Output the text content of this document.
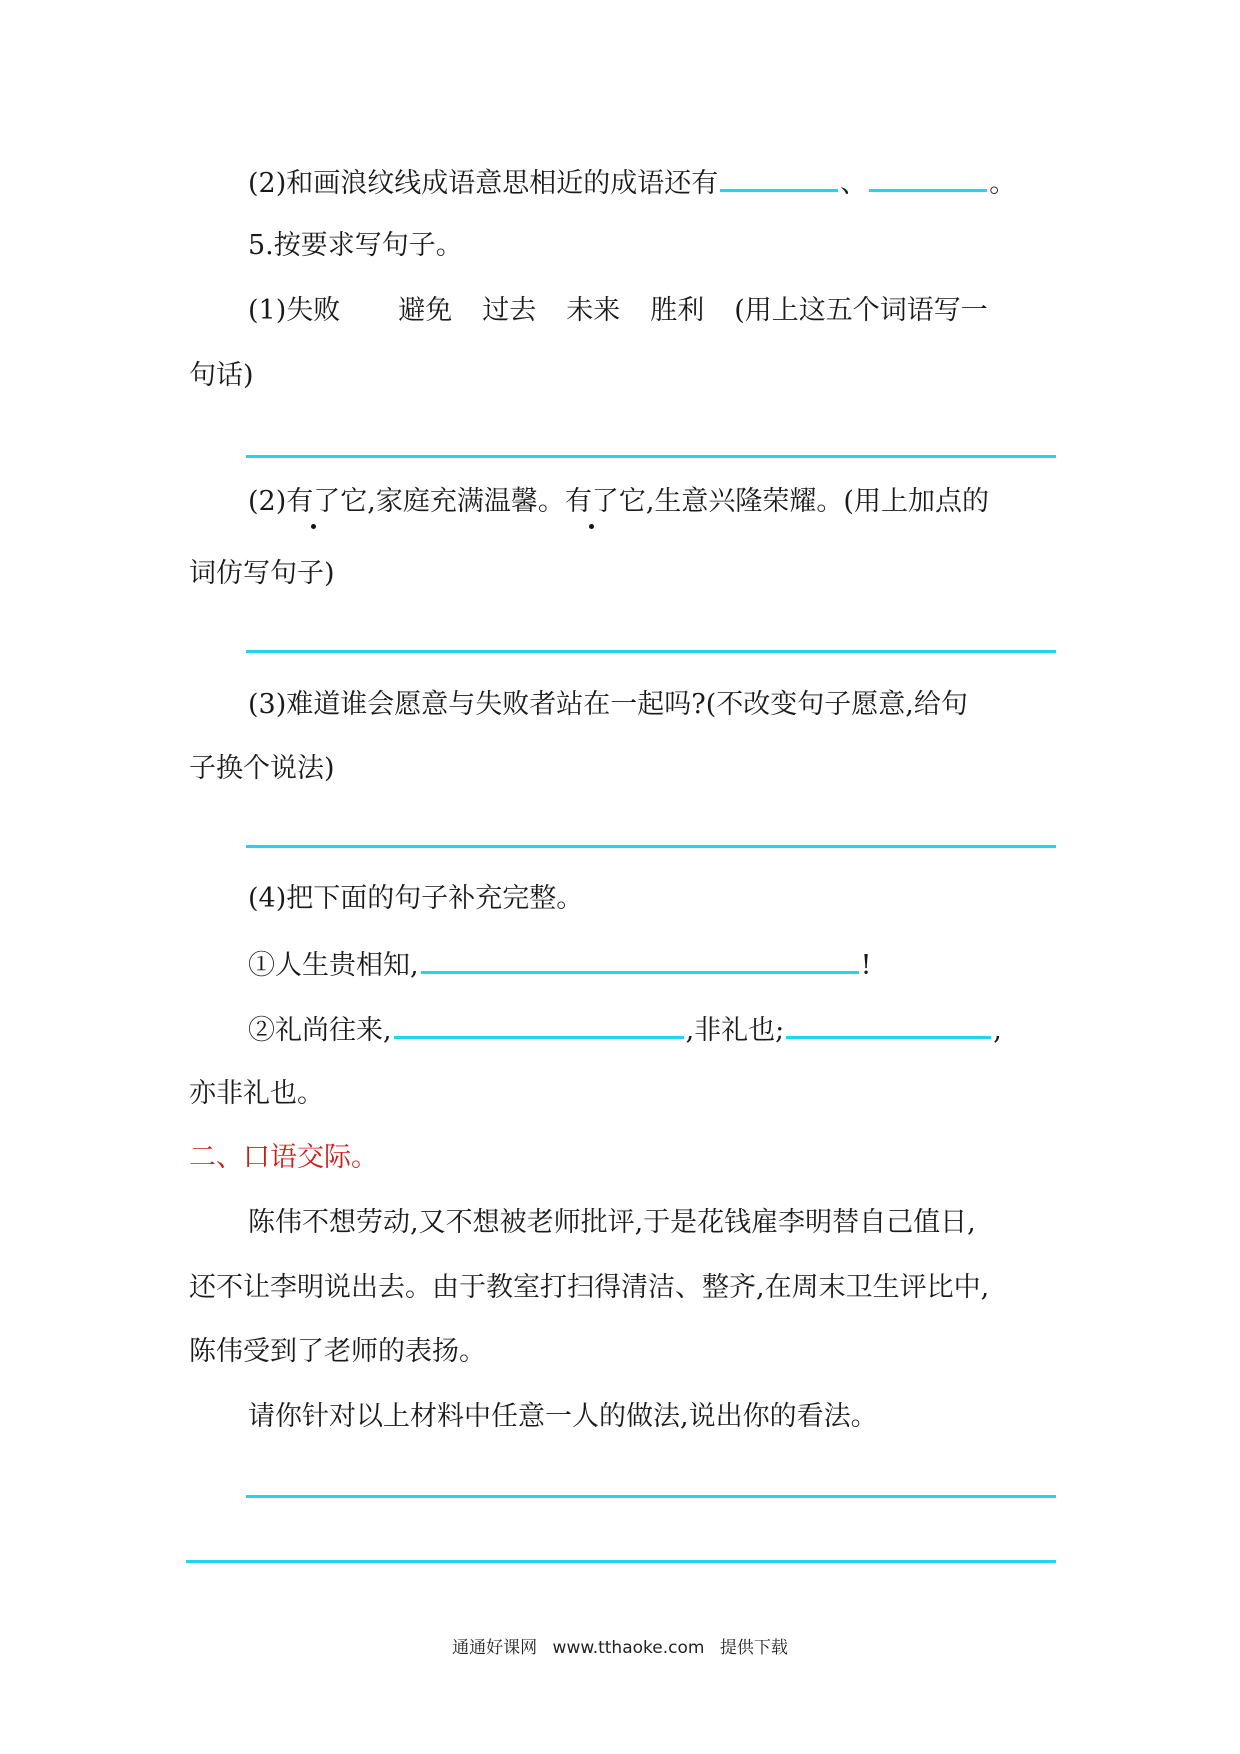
(2)和画浪纹线成语意思相近的成语还有	、	。
5.按要求写句子。
(1)失败 避免 过去 未来 胜利 (用上这五个词语写一
句话)
(2)有了它,家庭充满温馨。有了它,生意兴隆荣耀。(用上加点的
词仿写句子)
(3)难道谁会愿意与失败者站在一起吗?(不改变句子愿意,给句
子换个说法)
(4)把下面的句子补充完整。
①人生贵相知,	!
②礼尚往来,	,非礼也;	,
亦非礼也。
二、口语交际。
陈伟不想劳动,又不想被老师批评,于是花钱雇李明替自己值日,
还不让李明说出去。由于教室打扫得清洁、整齐,在周末卫生评比中,
陈伟受到了老师的表扬。
请你针对以上材料中任意一人的做法,说出你的看法。
通通好课网 www.tthaoke.com 提供下载
